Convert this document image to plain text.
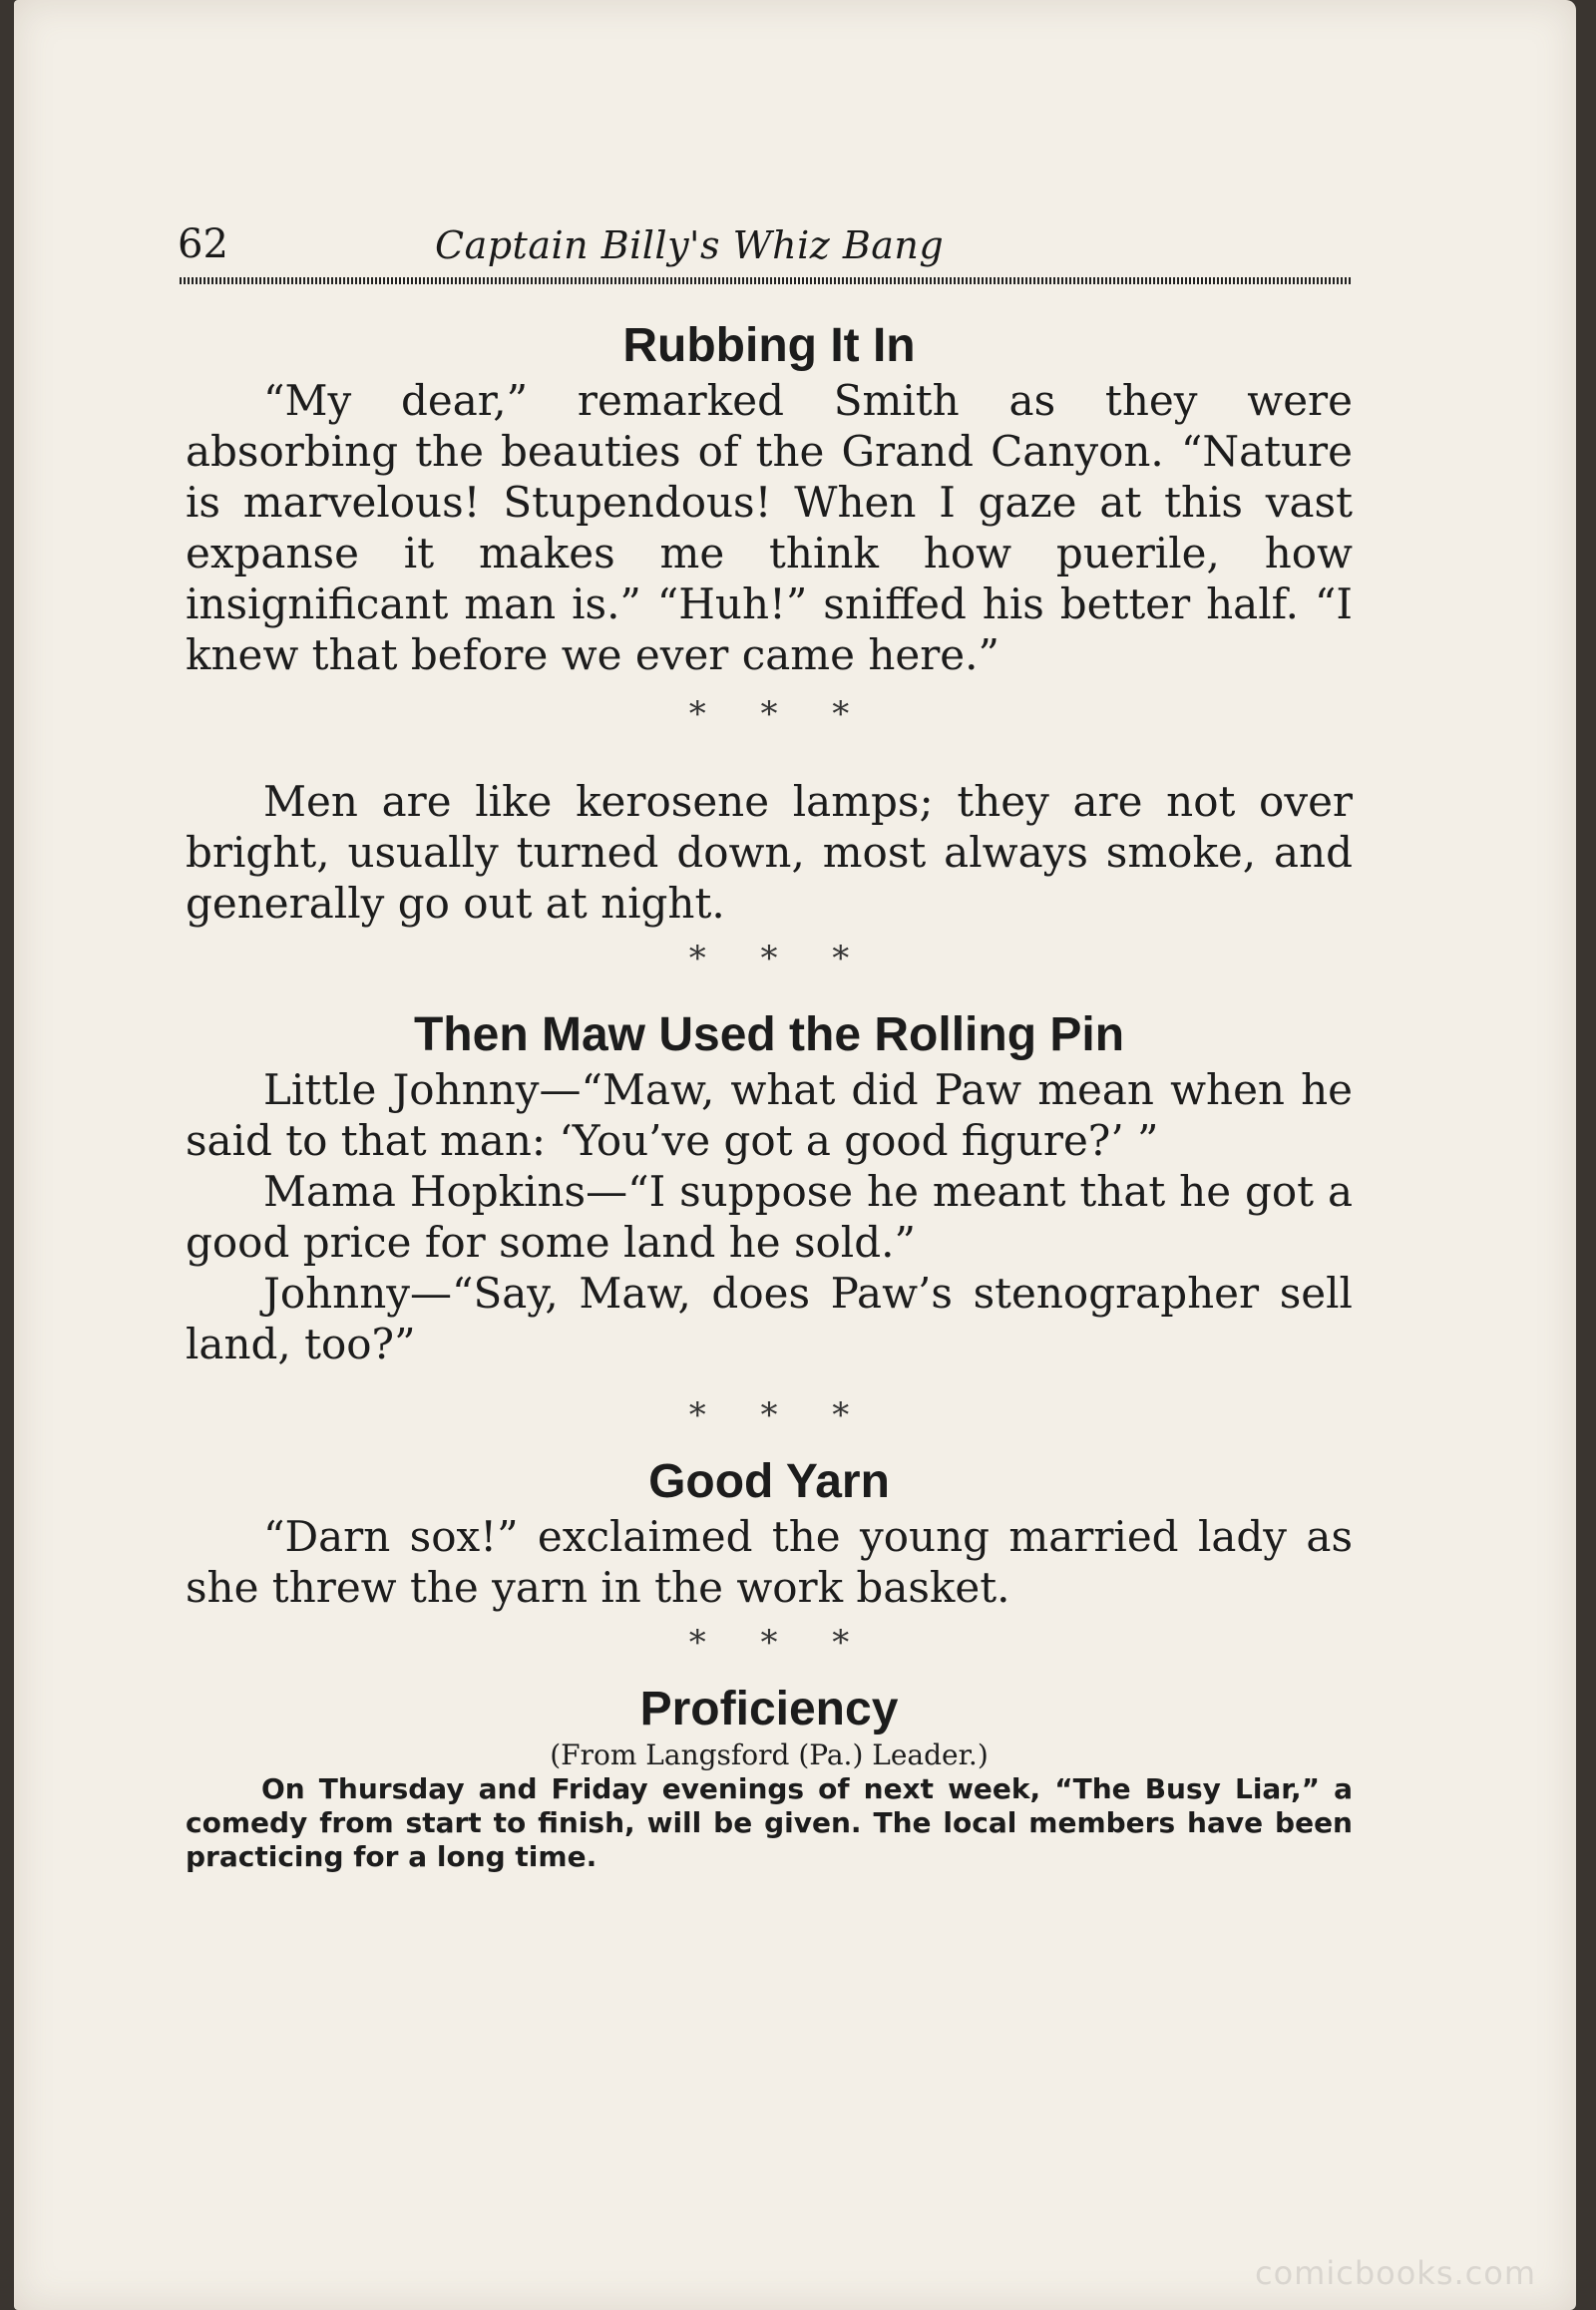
62	Captain Billy's Whiz Bang
Rubbing It In

“My dear,” remarked Smith as they were absorbing the beauties of the Grand Canyon. “Nature is marvelous! Stupendous! When I gaze at this vast expanse it makes me think how puerile, how insignificant man is.” “Huh!” sniffed his better half. “I knew that before we ever came here.”

* * *

Men are like kerosene lamps; they are not over bright, usually turned down, most always smoke, and generally go out at night.

* * *
Then Maw Used the Rolling Pin

Little Johnny—“Maw, what did Paw mean when he said to that man: ‘You’ve got a good figure?’ ”

Mama Hopkins—“I suppose he meant that he got a good price for some land he sold.”

Johnny—“Say, Maw, does Paw’s stenographer sell land, too?”

* * *
Good Yarn

“Darn sox!” exclaimed the young married lady as she threw the yarn in the work basket.

* * *
Proficiency

(From Langsford (Pa.) Leader.)

On Thursday and Friday evenings of next week, “The Busy Liar,” a comedy from start to finish, will be given. The local members have been practicing for a long time.

comicbooks.com
